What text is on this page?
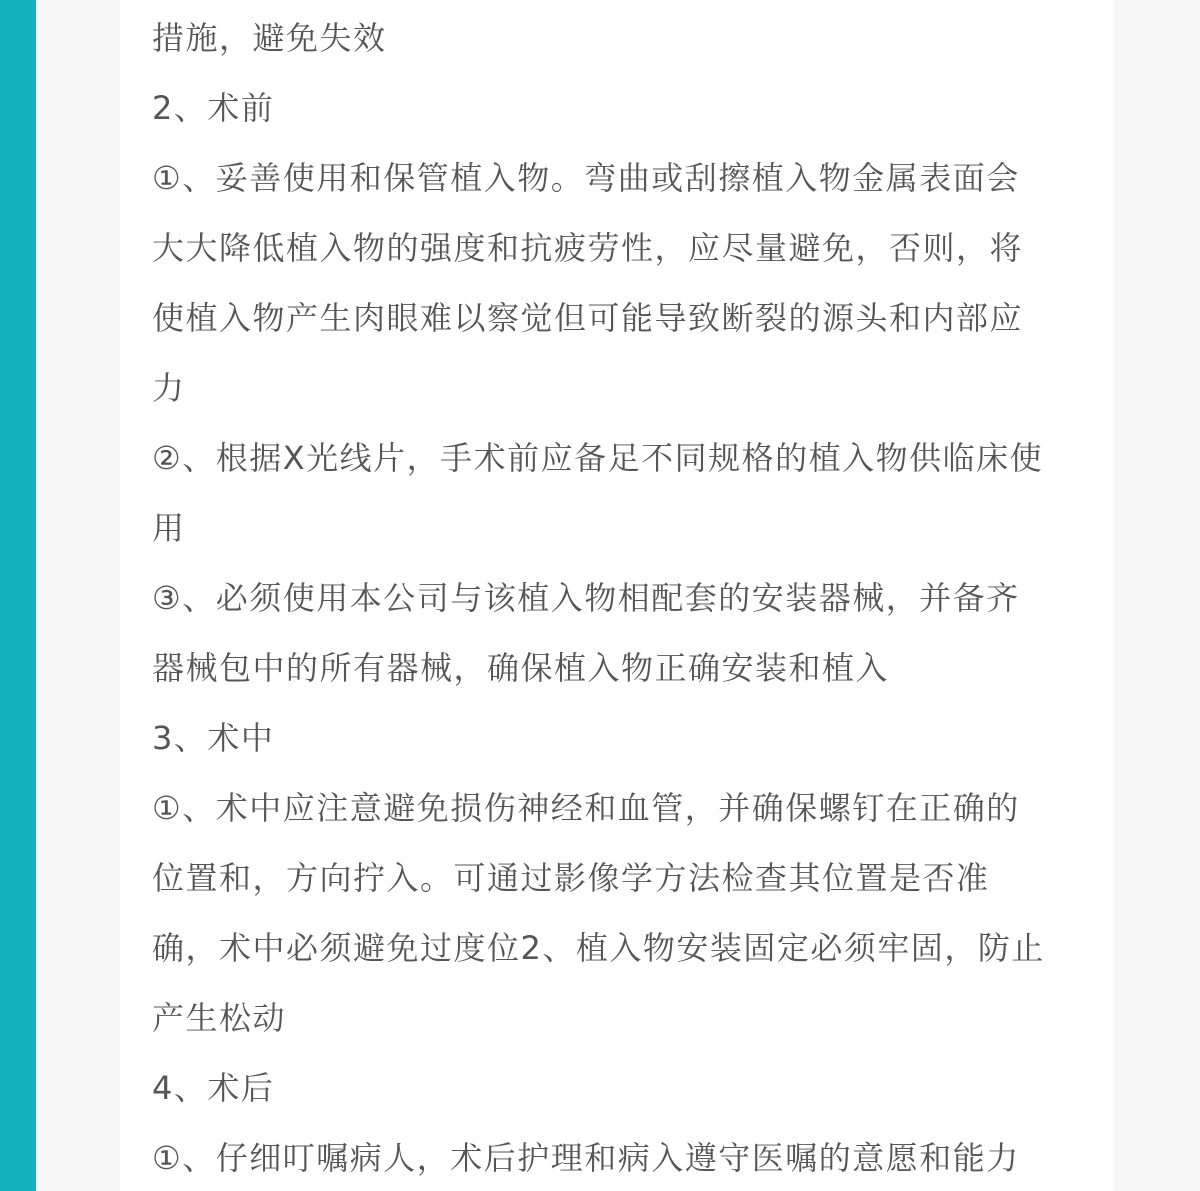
措施，避免失效
2、术前
①、妥善使用和保管植入物。弯曲或刮擦植入物金属表面会
大大降低植入物的强度和抗疲劳性，应尽量避免，否则，将
使植入物产生肉眼难以察觉但可能导致断裂的源头和内部应
力
②、根据X光线片，手术前应备足不同规格的植入物供临床使
用
③、必须使用本公司与该植入物相配套的安装器械，并备齐
器械包中的所有器械，确保植入物正确安装和植入
3、术中
①、术中应注意避免损伤神经和血管，并确保螺钉在正确的
位置和，方向拧入。可通过影像学方法检查其位置是否准
确，术中必须避免过度位2、植入物安装固定必须牢固，防止
产生松动
4、术后
①、仔细叮嘱病人，术后护理和病入遵守医嘱的意愿和能力
